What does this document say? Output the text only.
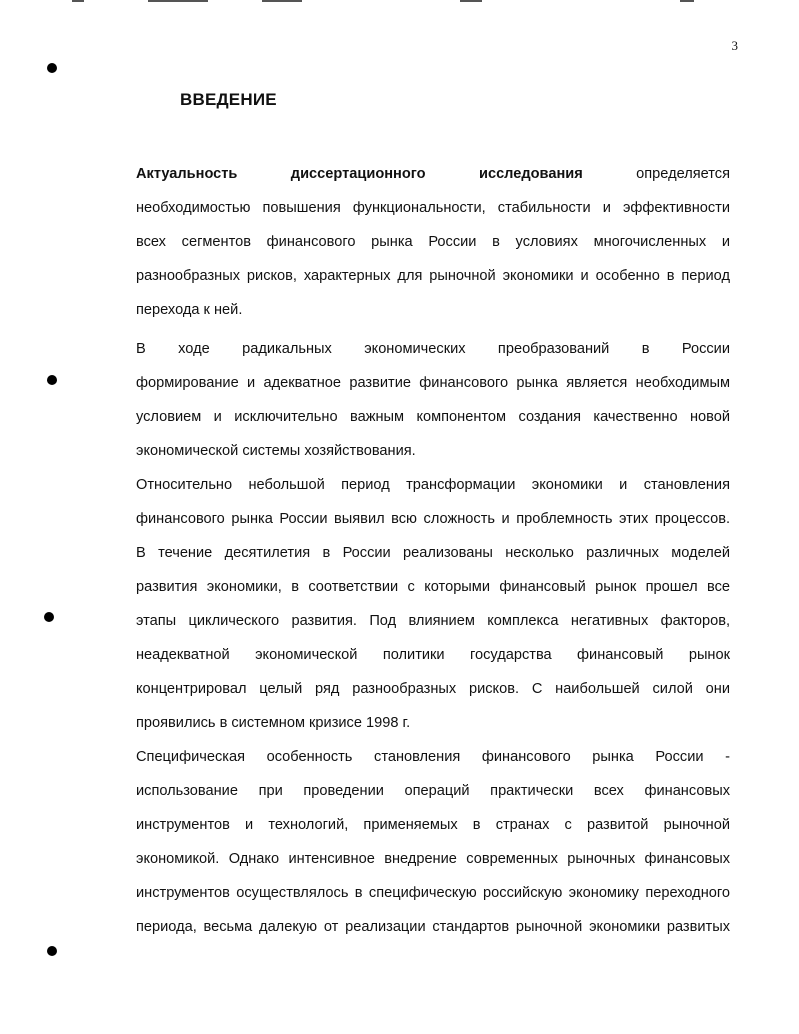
3
ВВЕДЕНИЕ
Актуальность диссертационного исследования определяется
необходимостью повышения функциональности, стабильности и эффективности
всех сегментов финансового рынка России в условиях многочисленных и
разнообразных рисков, характерных для рыночной экономики и особенно в период
перехода к ней.
В ходе радикальных экономических преобразований в России
формирование и адекватное развитие финансового рынка является необходимым
условием и исключительно важным компонентом создания качественно новой
экономической системы хозяйствования.
Относительно небольшой период трансформации экономики и становления
финансового рынка России выявил всю сложность и проблемность этих процессов.
В течение десятилетия в России реализованы несколько различных моделей
развития экономики, в соответствии с которыми финансовый рынок прошел все
этапы циклического развития. Под влиянием комплекса негативных факторов,
неадекватной экономической политики государства финансовый рынок
концентрировал целый ряд разнообразных рисков. С наибольшей силой они
проявились в системном кризисе 1998 г.
Специфическая особенность становления финансового рынка России -
использование при проведении операций практически всех финансовых
инструментов и технологий, применяемых в странах с развитой рыночной
экономикой. Однако интенсивное внедрение современных рыночных финансовых
инструментов осуществлялось в специфическую российскую экономику переходного
периода, весьма далекую от реализации стандартов рыночной экономики развитых
